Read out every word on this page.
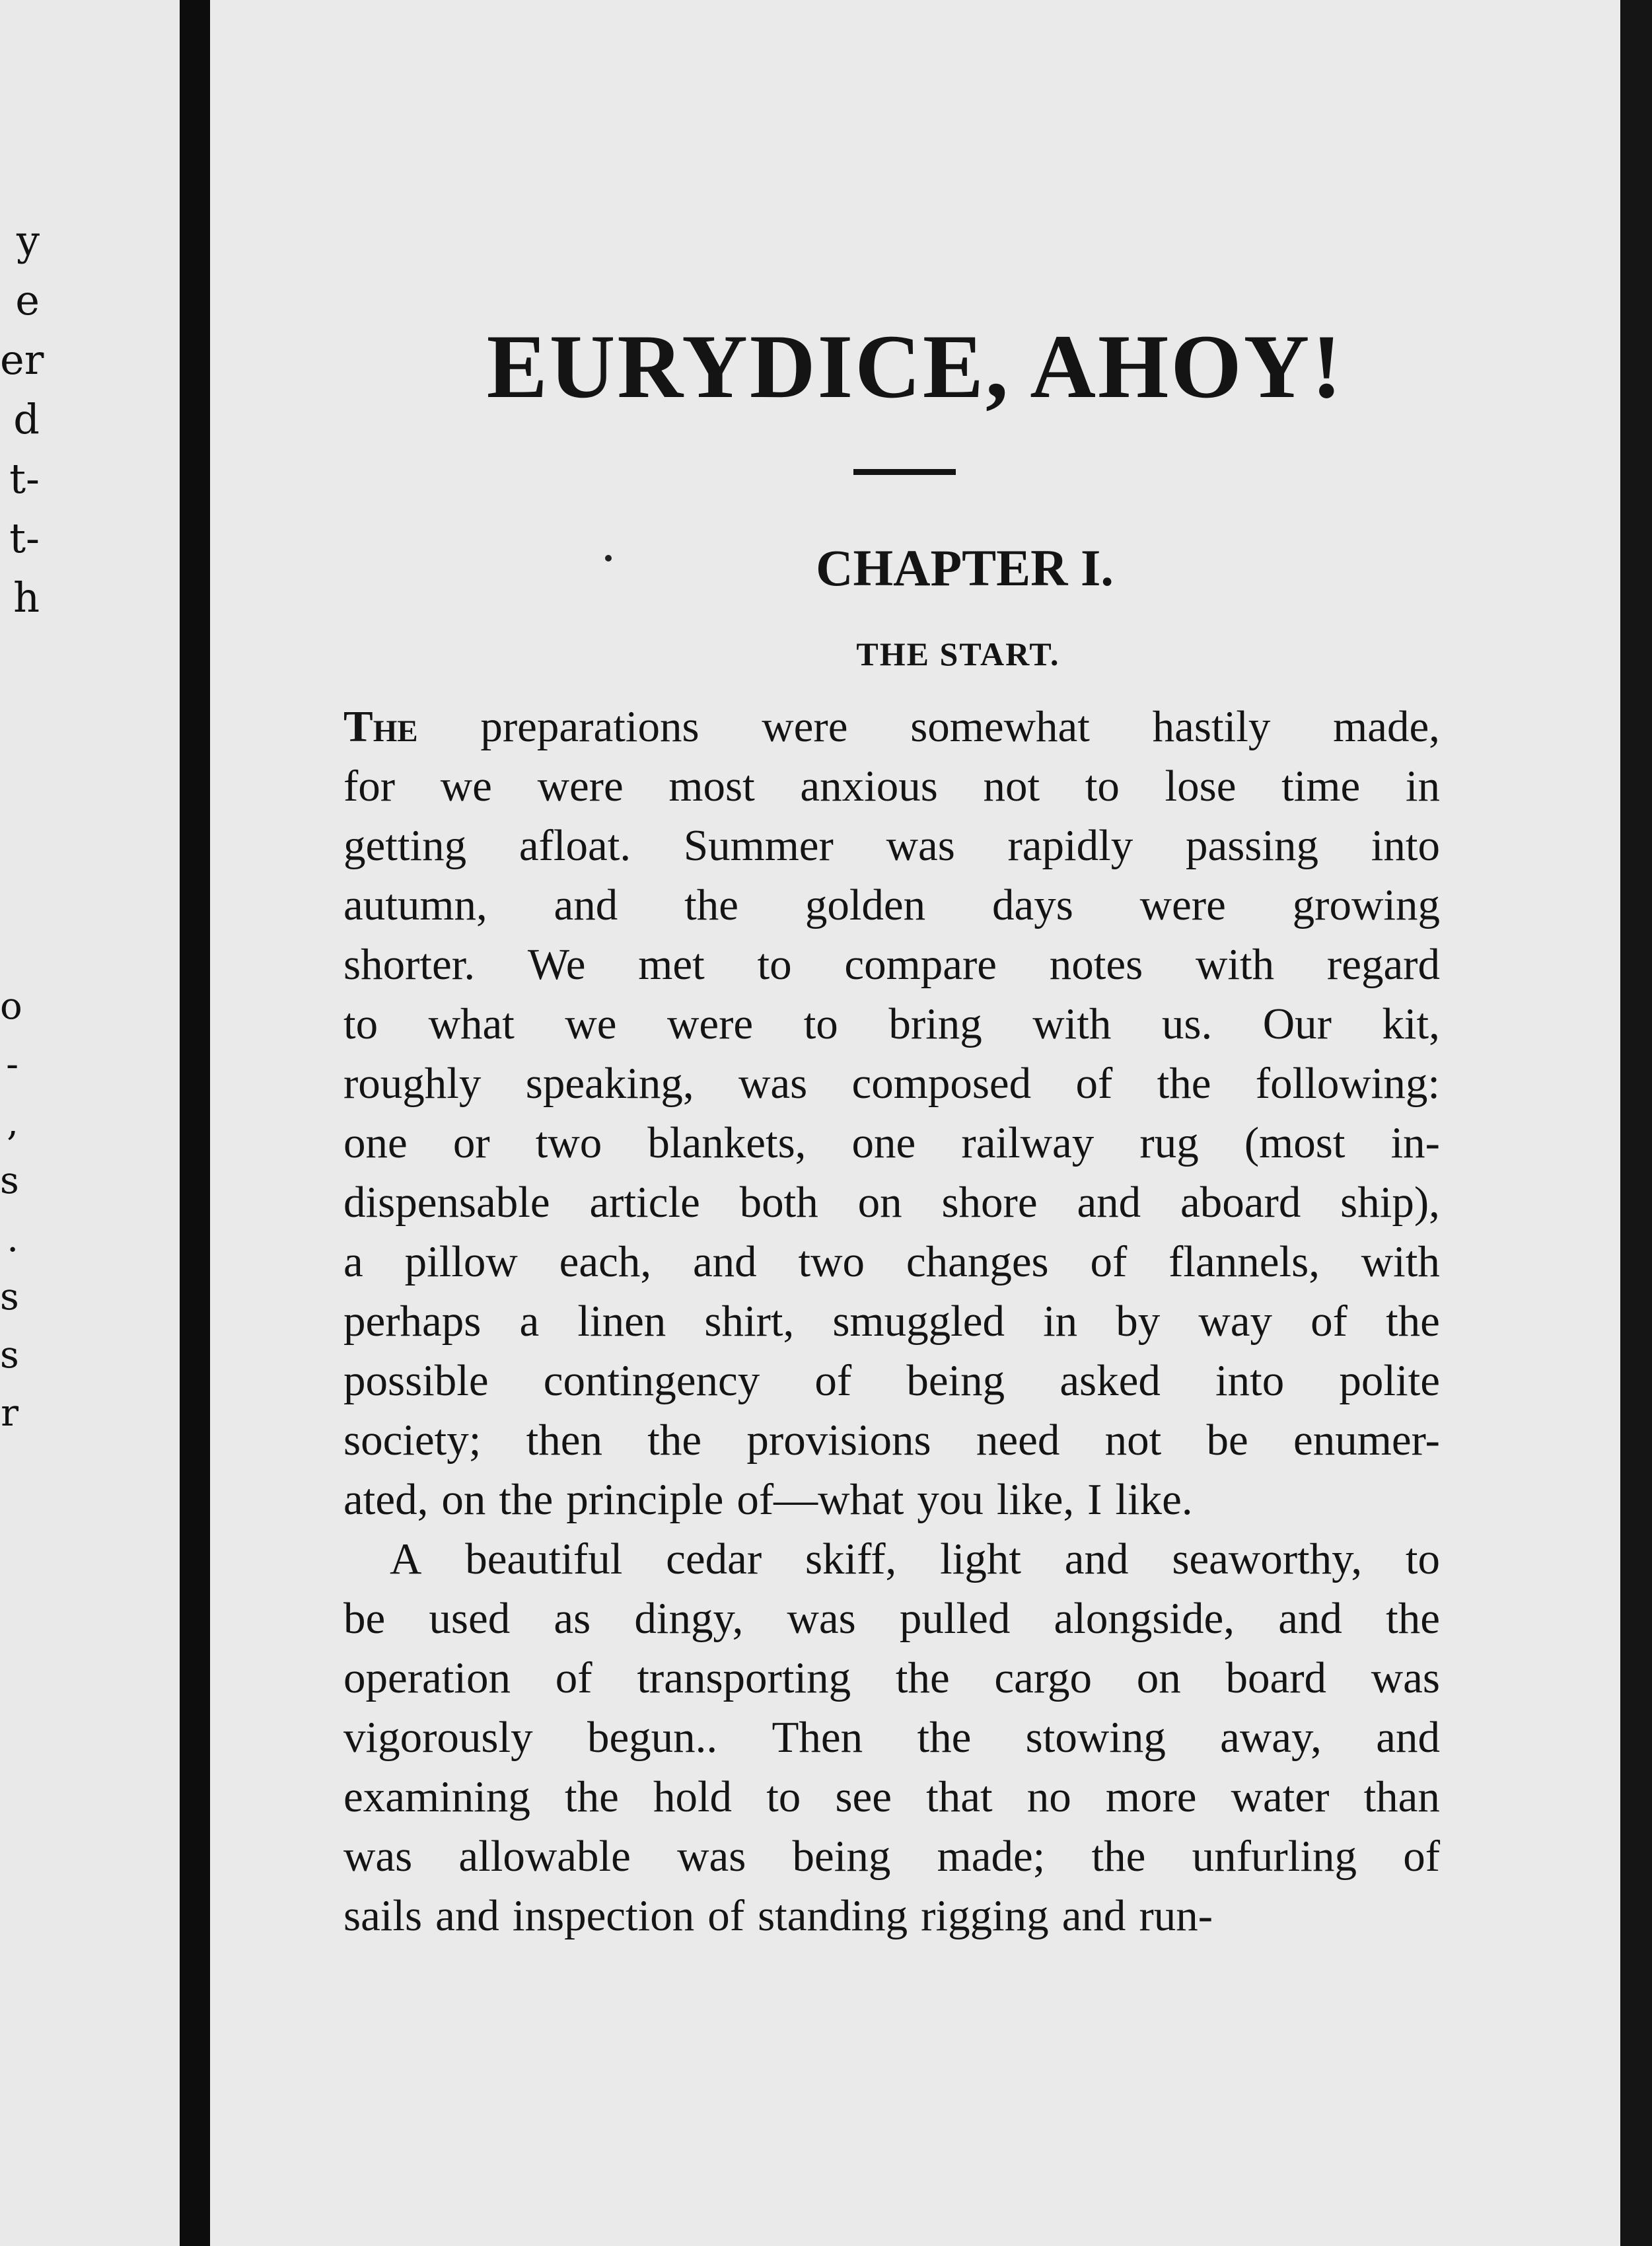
y
e
er
d
t-
t-
h
o
-
,
s
.
s
s
r
EURYDICE, AHOY!
CHAPTER I.
THE START.
The preparations were somewhat hastily made,
for we were most anxious not to lose time in
getting afloat. Summer was rapidly passing into
autumn, and the golden days were growing
shorter. We met to compare notes with regard
to what we were to bring with us. Our kit,
roughly speaking, was composed of the following:
one or two blankets, one railway rug (most in-
dispensable article both on shore and aboard ship),
a pillow each, and two changes of flannels, with
perhaps a linen shirt, smuggled in by way of the
possible contingency of being asked into polite
society; then the provisions need not be enumer-
ated, on the principle of—what you like, I like.
A beautiful cedar skiff, light and seaworthy, to
be used as dingy, was pulled alongside, and the
operation of transporting the cargo on board was
vigorously begun.. Then the stowing away, and
examining the hold to see that no more water than
was allowable was being made; the unfurling of
sails and inspection of standing rigging and run-
